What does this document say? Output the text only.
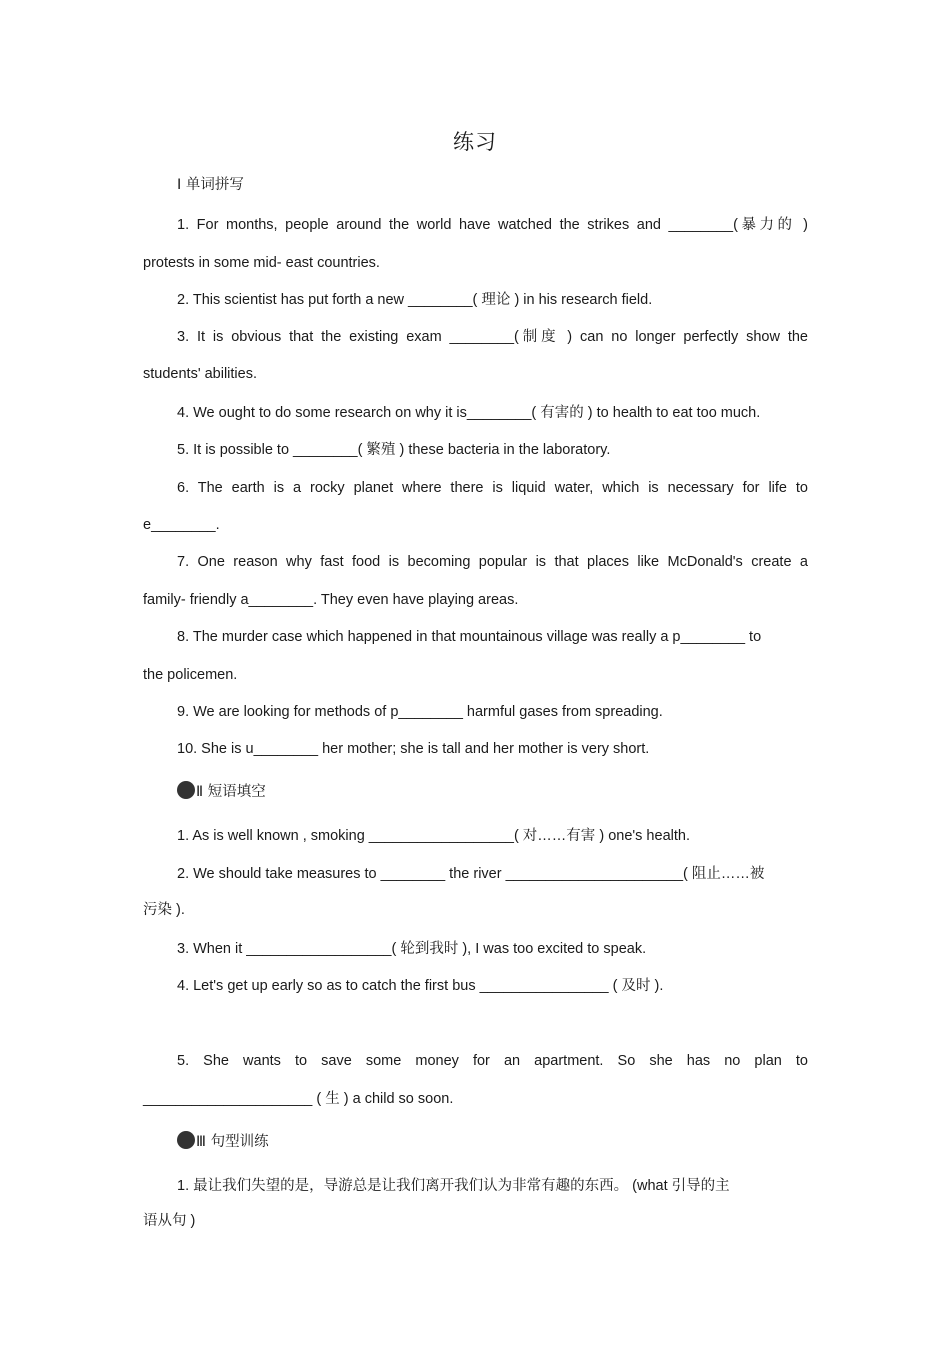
练习
Ⅰ 单词拼写
1. For months, people around the world have watched the strikes and ________(暴力的 )
protests in some mid- east countries.
2. This scientist has put forth a new ________( 理论 ) in his research field.
3. It is obvious that the existing exam ________(制度 ) can no longer perfectly show the
students' abilities.
4. We ought to do some research on why it is________( 有害的 ) to health to eat too much.
5. It is possible to ________( 繁殖 ) these bacteria in the laboratory.
6. The earth is a rocky planet where there is liquid water, which is necessary for life to
e________.
7. One reason why fast food is becoming popular is that places like McDonald's create a
family- friendly a________. They even have playing areas.
8. The murder case which happened in that mountainous village was really a p________ to
the policemen.
9. We are looking for methods of p________ harmful gases from spreading.
10. She is u________ her mother; she is tall and her mother is very short.
Ⅱ 短语填空
1. As is well known , smoking __________________( 对……有害 ) one's health.
2. We should take measures to ________ the river ______________________( 阻止……被
污染 ).
3. When it __________________( 轮到我时 ), I was too excited to speak.
4. Let's get up early so as to catch the first bus ________________ ( 及时 ).
5. She wants to save some money for an apartment. So she has no plan to
_____________________ ( 生 ) a child so soon.
Ⅲ 句型训练
1. 最让我们失望的是，导游总是让我们离开我们认为非常有趣的东西。 (what 引导的主
语从句 )
